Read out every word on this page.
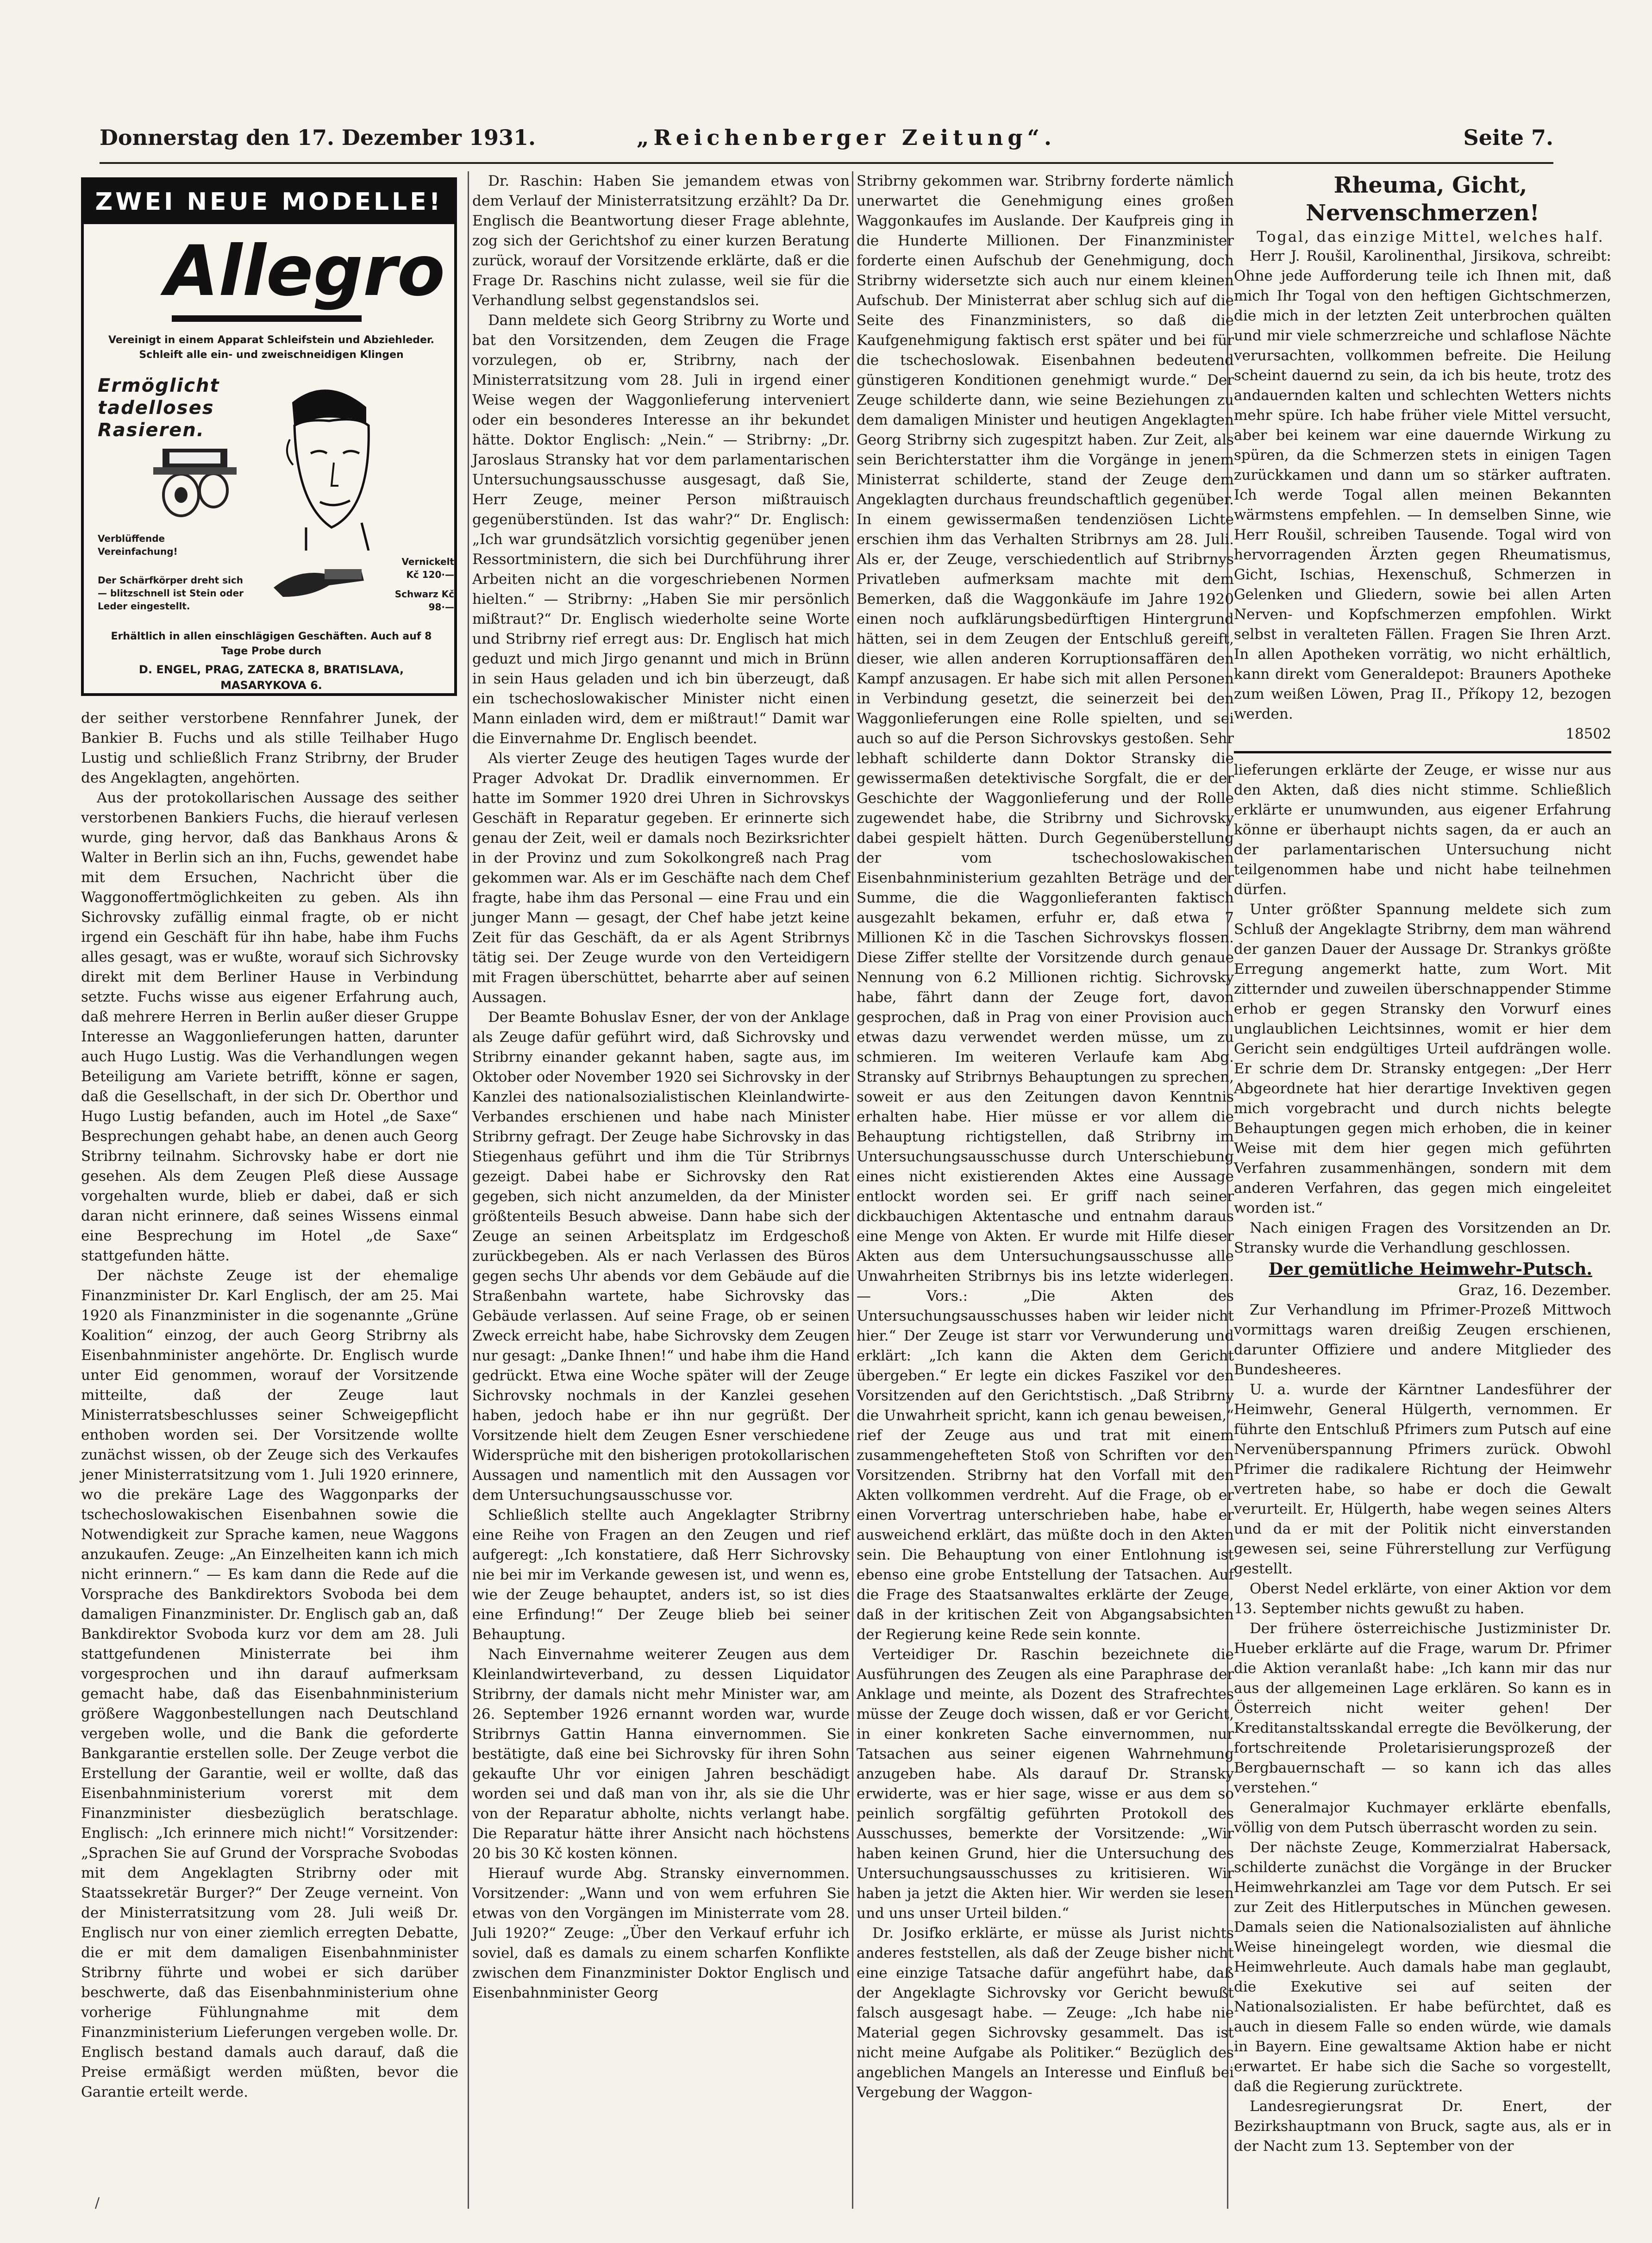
Donnerstag den 17. Dezember 1931.	„Reichenberger Zeitung“.	Seite 7.
ZWEI NEUE MODELLE!
Allegro
Vereinigt in einem Apparat Schleifstein und Abziehleder. Schleift alle ein- und zweischneidigen Klingen
Ermöglicht tadelloses Rasieren.
Verblüffende Vereinfachung!
Der Schärfkörper dreht sich — blitzschnell ist Stein oder Leder eingestellt.
Vernickelt Kč 120·—
Schwarz Kč 98·—
Erhältlich in allen einschlägigen Geschäften. Auch auf 8 Tage Probe durch
D. ENGEL, PRAG, ZATECKA 8, BRATISLAVA, MASARYKOVA 6.

der seither verstorbene Rennfahrer Junek, der Bankier B. Fuchs und als stille Teilhaber Hugo Lustig und schließlich Franz Stribrny, der Bruder des Angeklagten, angehörten.

Aus der protokollarischen Aussage des seither verstorbenen Bankiers Fuchs, die hierauf verlesen wurde, ging hervor, daß das Bankhaus Arons & Walter in Berlin sich an ihn, Fuchs, gewendet habe mit dem Ersuchen, Nachricht über die Waggonoffertmöglichkeiten zu geben. Als ihn Sichrovsky zufällig einmal fragte, ob er nicht irgend ein Geschäft für ihn habe, habe ihm Fuchs alles gesagt, was er wußte, worauf sich Sichrovsky direkt mit dem Berliner Hause in Verbindung setzte. Fuchs wisse aus eigener Erfahrung auch, daß mehrere Herren in Berlin außer dieser Gruppe Interesse an Waggonlieferungen hatten, darunter auch Hugo Lustig. Was die Verhandlungen wegen Beteiligung am Variete betrifft, könne er sagen, daß die Gesellschaft, in der sich Dr. Oberthor und Hugo Lustig befanden, auch im Hotel „de Saxe“ Besprechungen gehabt habe, an denen auch Georg Stribrny teilnahm. Sichrovsky habe er dort nie gesehen. Als dem Zeugen Pleß diese Aussage vorgehalten wurde, blieb er dabei, daß er sich daran nicht erinnere, daß seines Wissens einmal eine Besprechung im Hotel „de Saxe“ stattgefunden hätte.

Der nächste Zeuge ist der ehemalige Finanzminister Dr. Karl Englisch, der am 25. Mai 1920 als Finanzminister in die sogenannte „Grüne Koalition“ einzog, der auch Georg Stribrny als Eisenbahnminister angehörte. Dr. Englisch wurde unter Eid genommen, worauf der Vorsitzende mitteilte, daß der Zeuge laut Ministerratsbeschlusses seiner Schweigepflicht enthoben worden sei. Der Vorsitzende wollte zunächst wissen, ob der Zeuge sich des Verkaufes jener Ministerratsitzung vom 1. Juli 1920 erinnere, wo die prekäre Lage des Waggonparks der tschechoslowakischen Eisenbahnen sowie die Notwendigkeit zur Sprache kamen, neue Waggons anzukaufen. Zeuge: „An Einzelheiten kann ich mich nicht erinnern.“ — Es kam dann die Rede auf die Vorsprache des Bankdirektors Svoboda bei dem damaligen Finanzminister. Dr. Englisch gab an, daß Bankdirektor Svoboda kurz vor dem am 28. Juli stattgefundenen Ministerrate bei ihm vorgesprochen und ihn darauf aufmerksam gemacht habe, daß das Eisenbahnministerium größere Waggonbestellungen nach Deutschland vergeben wolle, und die Bank die geforderte Bankgarantie erstellen solle. Der Zeuge verbot die Erstellung der Garantie, weil er wollte, daß das Eisenbahnministerium vorerst mit dem Finanzminister diesbezüglich beratschlage. Englisch: „Ich erinnere mich nicht!“ Vorsitzender: „Sprachen Sie auf Grund der Vorsprache Svobodas mit dem Angeklagten Stribrny oder mit Staatssekretär Burger?“ Der Zeuge verneint. Von der Ministerratsitzung vom 28. Juli weiß Dr. Englisch nur von einer ziemlich erregten Debatte, die er mit dem damaligen Eisenbahnminister Stribrny führte und wobei er sich darüber beschwerte, daß das Eisenbahnministerium ohne vorherige Fühlungnahme mit dem Finanzministerium Lieferungen vergeben wolle. Dr. Englisch bestand damals auch darauf, daß die Preise ermäßigt werden müßten, bevor die Garantie erteilt werde.

Dr. Raschin: Haben Sie jemandem etwas von dem Verlauf der Ministerratsitzung erzählt? Da Dr. Englisch die Beantwortung dieser Frage ablehnte, zog sich der Gerichtshof zu einer kurzen Beratung zurück, worauf der Vorsitzende erklärte, daß er die Frage Dr. Raschins nicht zulasse, weil sie für die Verhandlung selbst gegenstandslos sei.

Dann meldete sich Georg Stribrny zu Worte und bat den Vorsitzenden, dem Zeugen die Frage vorzulegen, ob er, Stribrny, nach der Ministerratsitzung vom 28. Juli in irgend einer Weise wegen der Waggonlieferung interveniert oder ein besonderes Interesse an ihr bekundet hätte. Doktor Englisch: „Nein.“ — Stribrny: „Dr. Jaroslaus Stransky hat vor dem parlamentarischen Untersuchungsausschusse ausgesagt, daß Sie, Herr Zeuge, meiner Person mißtrauisch gegenüberstünden. Ist das wahr?“ Dr. Englisch: „Ich war grundsätzlich vorsichtig gegenüber jenen Ressortministern, die sich bei Durchführung ihrer Arbeiten nicht an die vorgeschriebenen Normen hielten.“ — Stribrny: „Haben Sie mir persönlich mißtraut?“ Dr. Englisch wiederholte seine Worte und Stribrny rief erregt aus: Dr. Englisch hat mich geduzt und mich Jirgo genannt und mich in Brünn in sein Haus geladen und ich bin überzeugt, daß ein tschechoslowakischer Minister nicht einen Mann einladen wird, dem er mißtraut!“ Damit war die Einvernahme Dr. Englisch beendet.

Als vierter Zeuge des heutigen Tages wurde der Prager Advokat Dr. Dradlik einvernommen. Er hatte im Sommer 1920 drei Uhren in Sichrovskys Geschäft in Reparatur gegeben. Er erinnerte sich genau der Zeit, weil er damals noch Bezirksrichter in der Provinz und zum Sokolkongreß nach Prag gekommen war. Als er im Geschäfte nach dem Chef fragte, habe ihm das Personal — eine Frau und ein junger Mann — gesagt, der Chef habe jetzt keine Zeit für das Geschäft, da er als Agent Stribrnys tätig sei. Der Zeuge wurde von den Verteidigern mit Fragen überschüttet, beharrte aber auf seinen Aussagen.

Der Beamte Bohuslav Esner, der von der Anklage als Zeuge dafür geführt wird, daß Sichrovsky und Stribrny einander gekannt haben, sagte aus, im Oktober oder November 1920 sei Sichrovsky in der Kanzlei des nationalsozialistischen Kleinlandwirte-Verbandes erschienen und habe nach Minister Stribrny gefragt. Der Zeuge habe Sichrovsky in das Stiegenhaus geführt und ihm die Tür Stribrnys gezeigt. Dabei habe er Sichrovsky den Rat gegeben, sich nicht anzumelden, da der Minister größtenteils Besuch abweise. Dann habe sich der Zeuge an seinen Arbeitsplatz im Erdgeschoß zurückbegeben. Als er nach Verlassen des Büros gegen sechs Uhr abends vor dem Gebäude auf die Straßenbahn wartete, habe Sichrovsky das Gebäude verlassen. Auf seine Frage, ob er seinen Zweck erreicht habe, habe Sichrovsky dem Zeugen nur gesagt: „Danke Ihnen!“ und habe ihm die Hand gedrückt. Etwa eine Woche später will der Zeuge Sichrovsky nochmals in der Kanzlei gesehen haben, jedoch habe er ihn nur gegrüßt. Der Vorsitzende hielt dem Zeugen Esner verschiedene Widersprüche mit den bisherigen protokollarischen Aussagen und namentlich mit den Aussagen vor dem Untersuchungsausschusse vor.

Schließlich stellte auch Angeklagter Stribrny eine Reihe von Fragen an den Zeugen und rief aufgeregt: „Ich konstatiere, daß Herr Sichrovsky nie bei mir im Verkande gewesen ist, und wenn es, wie der Zeuge behauptet, anders ist, so ist dies eine Erfindung!“ Der Zeuge blieb bei seiner Behauptung.

Nach Einvernahme weiterer Zeugen aus dem Kleinlandwirteverband, zu dessen Liquidator Stribrny, der damals nicht mehr Minister war, am 26. September 1926 ernannt worden war, wurde Stribrnys Gattin Hanna einvernommen. Sie bestätigte, daß eine bei Sichrovsky für ihren Sohn gekaufte Uhr vor einigen Jahren beschädigt worden sei und daß man von ihr, als sie die Uhr von der Reparatur abholte, nichts verlangt habe. Die Reparatur hätte ihrer Ansicht nach höchstens 20 bis 30 Kč kosten können.

Hierauf wurde Abg. Stransky einvernommen. Vorsitzender: „Wann und von wem erfuhren Sie etwas von den Vorgängen im Ministerrate vom 28. Juli 1920?“ Zeuge: „Über den Verkauf erfuhr ich soviel, daß es damals zu einem scharfen Konflikte zwischen dem Finanzminister Doktor Englisch und Eisenbahnminister Georg

Stribrny gekommen war. Stribrny forderte nämlich unerwartet die Genehmigung eines großen Waggonkaufes im Auslande. Der Kaufpreis ging in die Hunderte Millionen. Der Finanzminister forderte einen Aufschub der Genehmigung, doch Stribrny widersetzte sich auch nur einem kleinen Aufschub. Der Ministerrat aber schlug sich auf die Seite des Finanzministers, so daß die Kaufgenehmigung faktisch erst später und bei für die tschechoslowak. Eisenbahnen bedeutend günstigeren Konditionen genehmigt wurde.“ Der Zeuge schilderte dann, wie seine Beziehungen zu dem damaligen Minister und heutigen Angeklagten Georg Stribrny sich zugespitzt haben. Zur Zeit, als sein Berichterstatter ihm die Vorgänge in jenem Ministerrat schilderte, stand der Zeuge dem Angeklagten durchaus freundschaftlich gegenüber. In einem gewissermaßen tendenziösen Lichte erschien ihm das Verhalten Stribrnys am 28. Juli. Als er, der Zeuge, verschiedentlich auf Stribrnys Privatleben aufmerksam machte mit dem Bemerken, daß die Waggonkäufe im Jahre 1920 einen noch aufklärungsbedürftigen Hintergrund hätten, sei in dem Zeugen der Entschluß gereift, dieser, wie allen anderen Korruptionsaffären den Kampf anzusagen. Er habe sich mit allen Personen in Verbindung gesetzt, die seinerzeit bei den Waggonlieferungen eine Rolle spielten, und sei auch so auf die Person Sichrovskys gestoßen. Sehr lebhaft schilderte dann Doktor Stransky die gewissermaßen detektivische Sorgfalt, die er der Geschichte der Waggonlieferung und der Rolle zugewendet habe, die Stribrny und Sichrovsky dabei gespielt hätten. Durch Gegenüberstellung der vom tschechoslowakischen Eisenbahnministerium gezahlten Beträge und der Summe, die die Waggonlieferanten faktisch ausgezahlt bekamen, erfuhr er, daß etwa 7 Millionen Kč in die Taschen Sichrovskys flossen. Diese Ziffer stellte der Vorsitzende durch genaue Nennung von 6.2 Millionen richtig. Sichrovsky habe, fährt dann der Zeuge fort, davon gesprochen, daß in Prag von einer Provision auch etwas dazu verwendet werden müsse, um zu schmieren. Im weiteren Verlaufe kam Abg. Stransky auf Stribrnys Behauptungen zu sprechen, soweit er aus den Zeitungen davon Kenntnis erhalten habe. Hier müsse er vor allem die Behauptung richtigstellen, daß Stribrny im Untersuchungsausschusse durch Unterschiebung eines nicht existierenden Aktes eine Aussage entlockt worden sei. Er griff nach seiner dickbauchigen Aktentasche und entnahm daraus eine Menge von Akten. Er wurde mit Hilfe dieser Akten aus dem Untersuchungsausschusse alle Unwahrheiten Stribrnys bis ins letzte widerlegen. — Vors.: „Die Akten des Untersuchungsausschusses haben wir leider nicht hier.“ Der Zeuge ist starr vor Verwunderung und erklärt: „Ich kann die Akten dem Gericht übergeben.“ Er legte ein dickes Faszikel vor den Vorsitzenden auf den Gerichtstisch. „Daß Stribrny die Unwahrheit spricht, kann ich genau beweisen,“ rief der Zeuge aus und trat mit einem zusammengehefteten Stoß von Schriften vor den Vorsitzenden. Stribrny hat den Vorfall mit den Akten vollkommen verdreht. Auf die Frage, ob er einen Vorvertrag unterschrieben habe, habe er ausweichend erklärt, das müßte doch in den Akten sein. Die Behauptung von einer Entlohnung ist ebenso eine grobe Entstellung der Tatsachen. Auf die Frage des Staatsanwaltes erklärte der Zeuge, daß in der kritischen Zeit von Abgangsabsichten der Regierung keine Rede sein konnte.

Verteidiger Dr. Raschin bezeichnete die Ausführungen des Zeugen als eine Paraphrase der Anklage und meinte, als Dozent des Strafrechtes müsse der Zeuge doch wissen, daß er vor Gericht, in einer konkreten Sache einvernommen, nur Tatsachen aus seiner eigenen Wahrnehmung anzugeben habe. Als darauf Dr. Stransky erwiderte, was er hier sage, wisse er aus dem so peinlich sorgfältig geführten Protokoll des Ausschusses, bemerkte der Vorsitzende: „Wir haben keinen Grund, hier die Untersuchung des Untersuchungsausschusses zu kritisieren. Wir haben ja jetzt die Akten hier. Wir werden sie lesen und uns unser Urteil bilden.“

Dr. Josifko erklärte, er müsse als Jurist nichts anderes feststellen, als daß der Zeuge bisher nicht eine einzige Tatsache dafür angeführt habe, daß der Angeklagte Sichrovsky vor Gericht bewußt falsch ausgesagt habe. — Zeuge: „Ich habe nie Material gegen Sichrovsky gesammelt. Das ist nicht meine Aufgabe als Politiker.“ Bezüglich des angeblichen Mangels an Interesse und Einfluß bei Vergebung der Waggon-

Rheuma, Gicht, Nervenschmerzen!

Togal, das einzige Mittel, welches half.

Herr J. Roušil, Karolinenthal, Jirsikova, schreibt: Ohne jede Aufforderung teile ich Ihnen mit, daß mich Ihr Togal von den heftigen Gichtschmerzen, die mich in der letzten Zeit unterbrochen quälten und mir viele schmerzreiche und schlaflose Nächte verursachten, vollkommen befreite. Die Heilung scheint dauernd zu sein, da ich bis heute, trotz des andauernden kalten und schlechten Wetters nichts mehr spüre. Ich habe früher viele Mittel versucht, aber bei keinem war eine dauernde Wirkung zu spüren, da die Schmerzen stets in einigen Tagen zurückkamen und dann um so stärker auftraten. Ich werde Togal allen meinen Bekannten wärmstens empfehlen. — In demselben Sinne, wie Herr Roušil, schreiben Tausende. Togal wird von hervorragenden Ärzten gegen Rheumatismus, Gicht, Ischias, Hexenschuß, Schmerzen in Gelenken und Gliedern, sowie bei allen Arten Nerven- und Kopfschmerzen empfohlen. Wirkt selbst in veralteten Fällen. Fragen Sie Ihren Arzt. In allen Apotheken vorrätig, wo nicht erhältlich, kann direkt vom Generaldepot: Brauners Apotheke zum weißen Löwen, Prag II., Příkopy 12, bezogen werden.

18502

lieferungen erklärte der Zeuge, er wisse nur aus den Akten, daß dies nicht stimme. Schließlich erklärte er unumwunden, aus eigener Erfahrung könne er überhaupt nichts sagen, da er auch an der parlamentarischen Untersuchung nicht teilgenommen habe und nicht habe teilnehmen dürfen.

Unter größter Spannung meldete sich zum Schluß der Angeklagte Stribrny, dem man während der ganzen Dauer der Aussage Dr. Strankys größte Erregung angemerkt hatte, zum Wort. Mit zitternder und zuweilen überschnappender Stimme erhob er gegen Stransky den Vorwurf eines unglaublichen Leichtsinnes, womit er hier dem Gericht sein endgültiges Urteil aufdrängen wolle. Er schrie dem Dr. Stransky entgegen: „Der Herr Abgeordnete hat hier derartige Invektiven gegen mich vorgebracht und durch nichts belegte Behauptungen gegen mich erhoben, die in keiner Weise mit dem hier gegen mich geführten Verfahren zusammenhängen, sondern mit dem anderen Verfahren, das gegen mich eingeleitet worden ist.“

Nach einigen Fragen des Vorsitzenden an Dr. Stransky wurde die Verhandlung geschlossen.

Der gemütliche Heimwehr-Putsch.

Graz, 16. Dezember.

Zur Verhandlung im Pfrimer-Prozeß Mittwoch vormittags waren dreißig Zeugen erschienen, darunter Offiziere und andere Mitglieder des Bundesheeres.

U. a. wurde der Kärntner Landesführer der Heimwehr, General Hülgerth, vernommen. Er führte den Entschluß Pfrimers zum Putsch auf eine Nervenüberspannung Pfrimers zurück. Obwohl Pfrimer die radikalere Richtung der Heimwehr vertreten habe, so habe er doch die Gewalt verurteilt. Er, Hülgerth, habe wegen seines Alters und da er mit der Politik nicht einverstanden gewesen sei, seine Führerstellung zur Verfügung gestellt.

Oberst Nedel erklärte, von einer Aktion vor dem 13. September nichts gewußt zu haben.

Der frühere österreichische Justizminister Dr. Hueber erklärte auf die Frage, warum Dr. Pfrimer die Aktion veranlaßt habe: „Ich kann mir das nur aus der allgemeinen Lage erklären. So kann es in Österreich nicht weiter gehen! Der Kreditanstaltsskandal erregte die Bevölkerung, der fortschreitende Proletarisierungsprozeß der Bergbauernschaft — so kann ich das alles verstehen.“

Generalmajor Kuchmayer erklärte ebenfalls, völlig von dem Putsch überrascht worden zu sein.

Der nächste Zeuge, Kommerzialrat Habersack, schilderte zunächst die Vorgänge in der Brucker Heimwehrkanzlei am Tage vor dem Putsch. Er sei zur Zeit des Hitlerputsches in München gewesen. Damals seien die Nationalsozialisten auf ähnliche Weise hineingelegt worden, wie diesmal die Heimwehrleute. Auch damals habe man geglaubt, die Exekutive sei auf seiten der Nationalsozialisten. Er habe befürchtet, daß es auch in diesem Falle so enden würde, wie damals in Bayern. Eine gewaltsame Aktion habe er nicht erwartet. Er habe sich die Sache so vorgestellt, daß die Regierung zurücktrete.

Landesregierungsrat Dr. Enert, der Bezirkshauptmann von Bruck, sagte aus, als er in der Nacht zum 13. September von der

/
